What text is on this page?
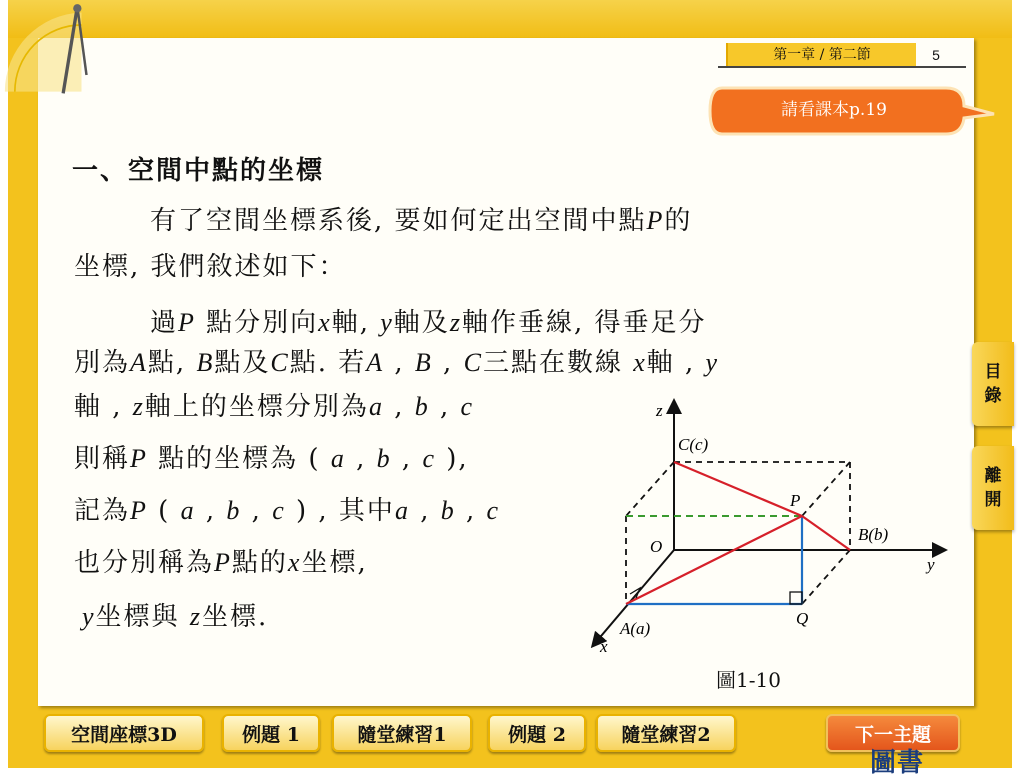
第一章 / 第二節	5
請看課本p.19
一、空間中點的坐標
有了空間坐標系後, 要如何定出空間中點P的
坐標, 我們敘述如下：
過P 點分別向x軸, y軸及z軸作垂線, 得垂足分
別為A點, B點及C點. 若A , B , C三點在數線 x軸 , y
軸 , z軸上的坐標分別為a , b , c
則稱P 點的坐標為 ( a , b , c ),
記為P ( a , b , c ) , 其中a , b , c
也分別稱為P點的x坐標,
y坐標與 z坐標.
z
y
x
O
P
Q
C(c)
B(b)
A(a)
圖1-10
目
錄
離
開
空間座標3D	例題 1	隨堂練習1	例題 2	隨堂練習2	下一主題
圖書
